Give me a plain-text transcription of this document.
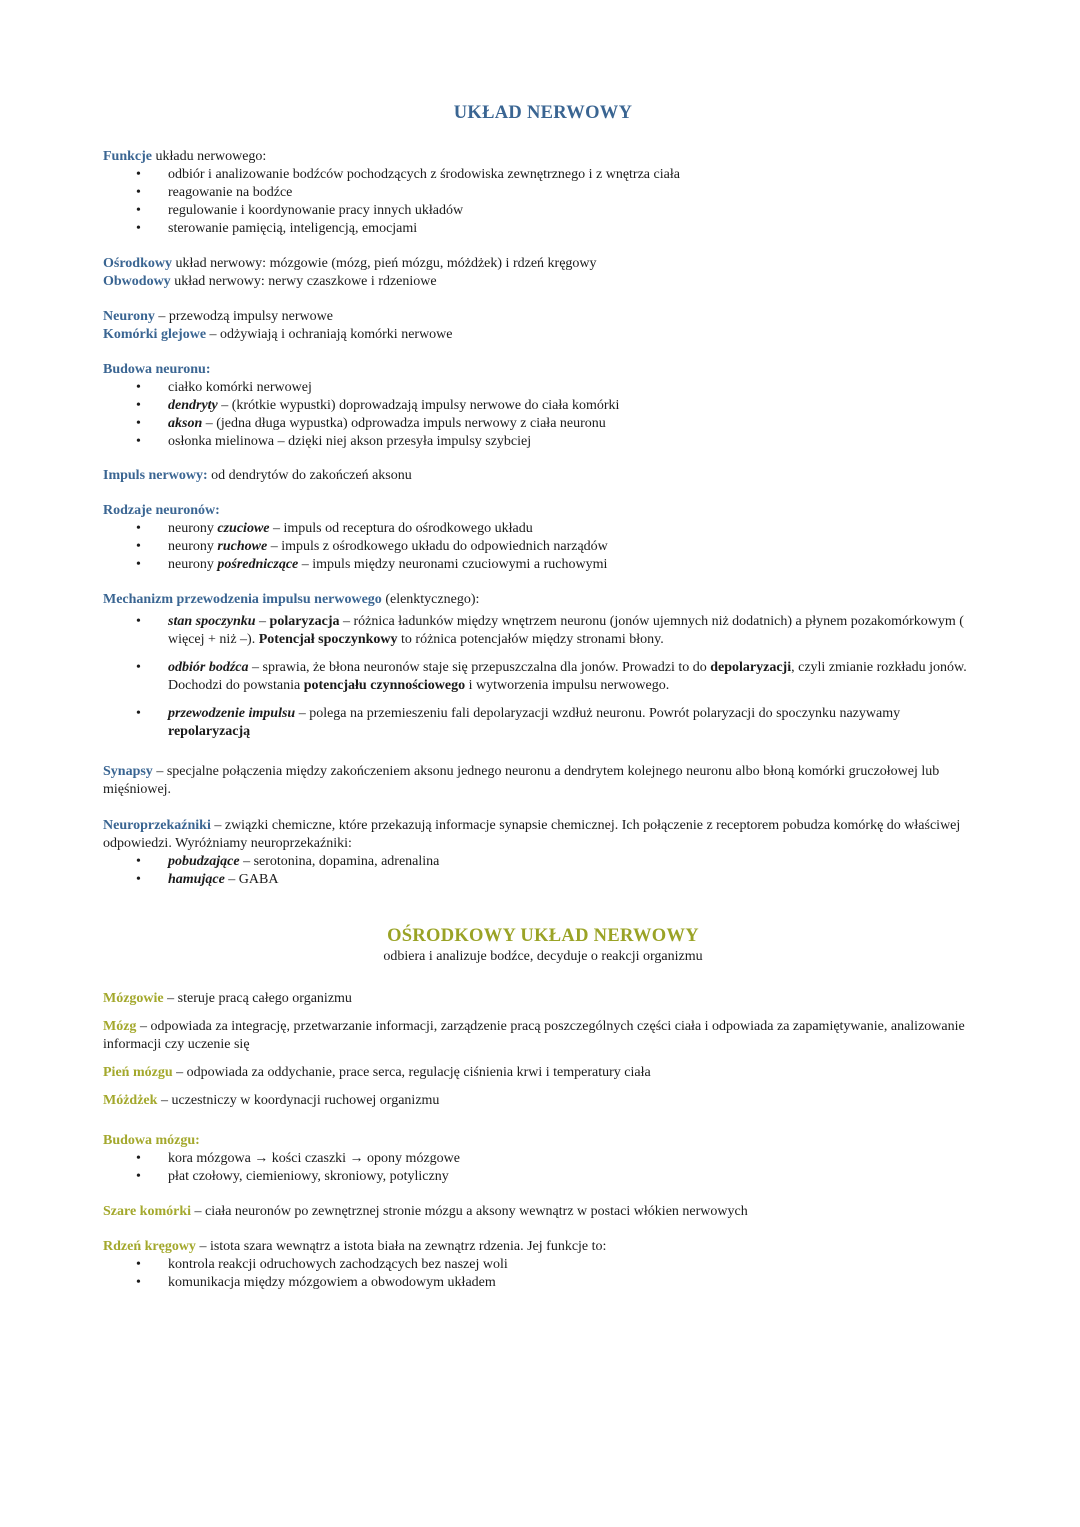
UKŁAD NERWOWY
Funkcje układu nerwowego:
• odbiór i analizowanie bodźców pochodzących z środowiska zewnętrznego i z wnętrza ciała
• reagowanie na bodźce
• regulowanie i koordynowanie pracy innych układów
• sterowanie pamięcią, inteligencją, emocjami
Ośrodkowy układ nerwowy: mózgowie (mózg, pień mózgu, móżdżek) i rdzeń kręgowy
Obwodowy układ nerwowy: nerwy czaszkowe i rdzeniowe
Neurony – przewodzą impulsy nerwowe
Komórki glejowe – odżywiają i ochraniają komórki nerwowe
Budowa neuronu:
• ciałko komórki nerwowej
• dendryty – (krótkie wypustki) doprowadzają impulsy nerwowe do ciała komórki
• akson – (jedna długa wypustka) odprowadza impuls nerwowy z ciała neuronu
• osłonka mielinowa – dzięki niej akson przesyła impulsy szybciej
Impuls nerwowy: od dendrytów do zakończeń aksonu
Rodzaje neuronów:
• neurony czuciowe – impuls od receptura do ośrodkowego układu
• neurony ruchowe – impuls z ośrodkowego układu do odpowiednich narządów
• neurony pośredniczące – impuls między neuronami czuciowymi a ruchowymi
Mechanizm przewodzenia impulsu nerwowego (elenktycznego):
• stan spoczynku – polaryzacja – różnica ładunków między wnętrzem neuronu (jonów ujemnych niż dodatnich) a płynem pozakomórkowym ( więcej + niż –). Potencjał spoczynkowy to różnica potencjałów między stronami błony.
• odbiór bodźca – sprawia, że błona neuronów staje się przepuszczalna dla jonów. Prowadzi to do depolaryzacji, czyli zmianie rozkładu jonów. Dochodzi do powstania potencjału czynnościowego i wytworzenia impulsu nerwowego.
• przewodzenie impulsu – polega na przemieszeniu fali depolaryzacji wzdłuż neuronu. Powrót polaryzacji do spoczynku nazywamy repolaryzacją
Synapsy – specjalne połączenia między zakończeniem aksonu jednego neuronu a dendrytem kolejnego neuronu albo błoną komórki gruczołowej lub mięśniowej.
Neuroprzekaźniki – związki chemiczne, które przekazują informacje synapsie chemicznej. Ich połączenie z receptorem pobudza komórkę do właściwej odpowiedzi. Wyróżniamy neuroprzekaźniki:
• pobudzające – serotonina, dopamina, adrenalina
• hamujące – GABA
OŚRODKOWY UKŁAD NERWOWY
odbiera i analizuje bodźce, decyduje o reakcji organizmu
Mózgowie – steruje pracą całego organizmu
Mózg – odpowiada za integrację, przetwarzanie informacji, zarządzenie pracą poszczególnych części ciała i odpowiada za zapamiętywanie, analizowanie informacji czy uczenie się
Pień mózgu – odpowiada za oddychanie, prace serca, regulację ciśnienia krwi i temperatury ciała
Móżdżek – uczestniczy w koordynacji ruchowej organizmu
Budowa mózgu:
• kora mózgowa → kości czaszki → opony mózgowe
• płat czołowy, ciemieniowy, skroniowy, potyliczny
Szare komórki – ciała neuronów po zewnętrznej stronie mózgu a aksony wewnątrz w postaci włókien nerwowych
Rdzeń kręgowy – istota szara wewnątrz a istota biała na zewnątrz rdzenia. Jej funkcje to:
• kontrola reakcji odruchowych zachodzących bez naszej woli
• komunikacja między mózgowiem a obwodowym układem
